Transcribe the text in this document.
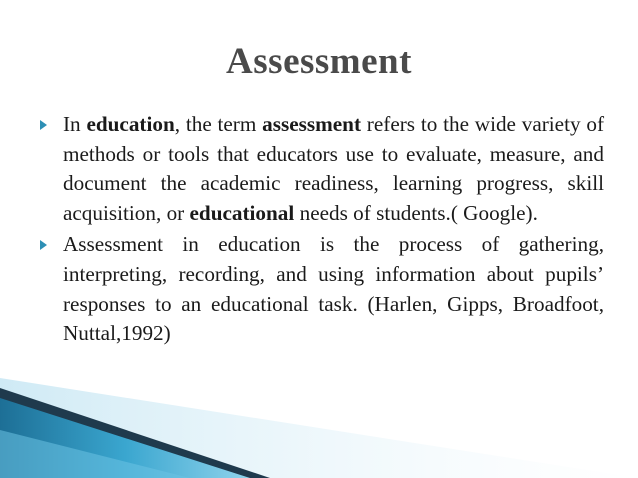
Assessment
In education, the term assessment refers to the wide variety of methods or tools that educators use to evaluate, measure, and document the academic readiness, learning progress, skill acquisition, or educational needs of students.( Google).
Assessment in education is the process of gathering, interpreting, recording, and using information about pupils’ responses to an educational task. (Harlen, Gipps, Broadfoot, Nuttal,1992)
